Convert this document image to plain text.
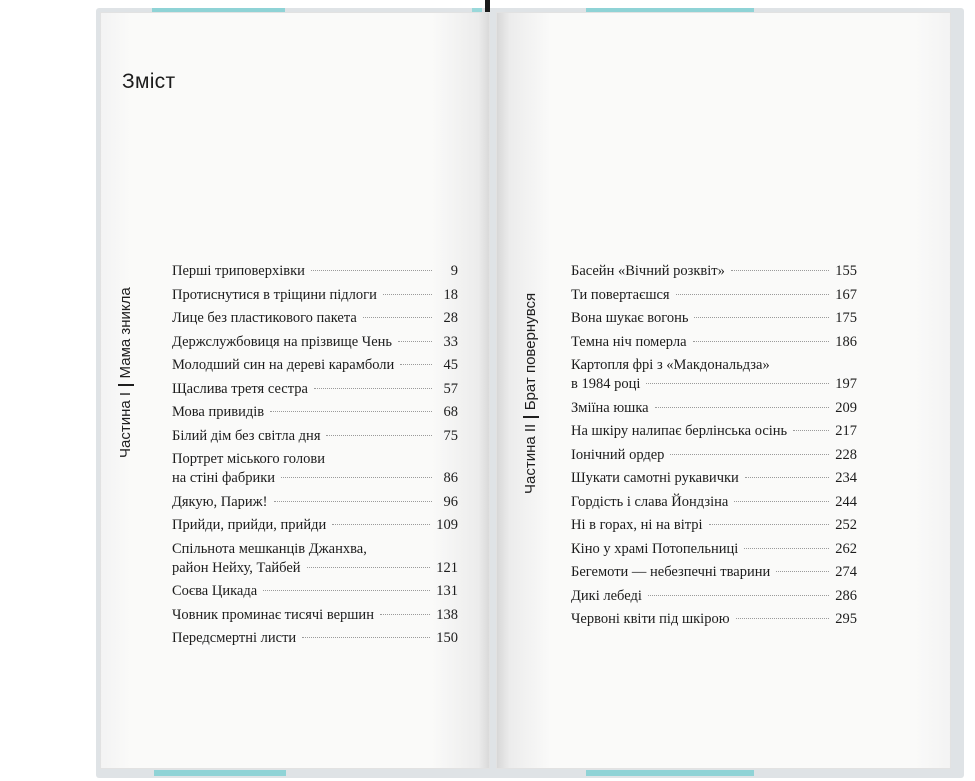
Зміст
Частина I
Мама зникла
Частина II
Брат повернувся
Перші триповерхівки	9
Протиснутися в тріщини підлоги	18
Лице без пластикового пакета	28
Держслужбовиця на прізвище Чень	33
Молодший син на дереві карамболи	45
Щаслива третя сестра	57
Мова привидів	68
Білий дім без світла дня	75
Портрет міського голови
на стіні фабрики	86
Дякую, Париж!	96
Прийди, прийди, прийди	109
Спільнота мешканців Джанхва,
район Нейху, Тайбей	121
Соєва Цикада	131
Човник проминає тисячі вершин	138
Передсмертні листи	150
Басейн «Вічний розквіт»	155
Ти повертаєшся	167
Вона шукає вогонь	175
Темна ніч померла	186
Картопля фрі з «Макдональдза»
в 1984 році	197
Зміїна юшка	209
На шкіру налипає берлінська осінь	217
Іонічний ордер	228
Шукати самотні рукавички	234
Гордість і слава Йондзіна	244
Ні в горах, ні на вітрі	252
Кіно у храмі Потопельниці	262
Бегемоти — небезпечні тварини	274
Дикі лебеді	286
Червоні квіти під шкірою	295
